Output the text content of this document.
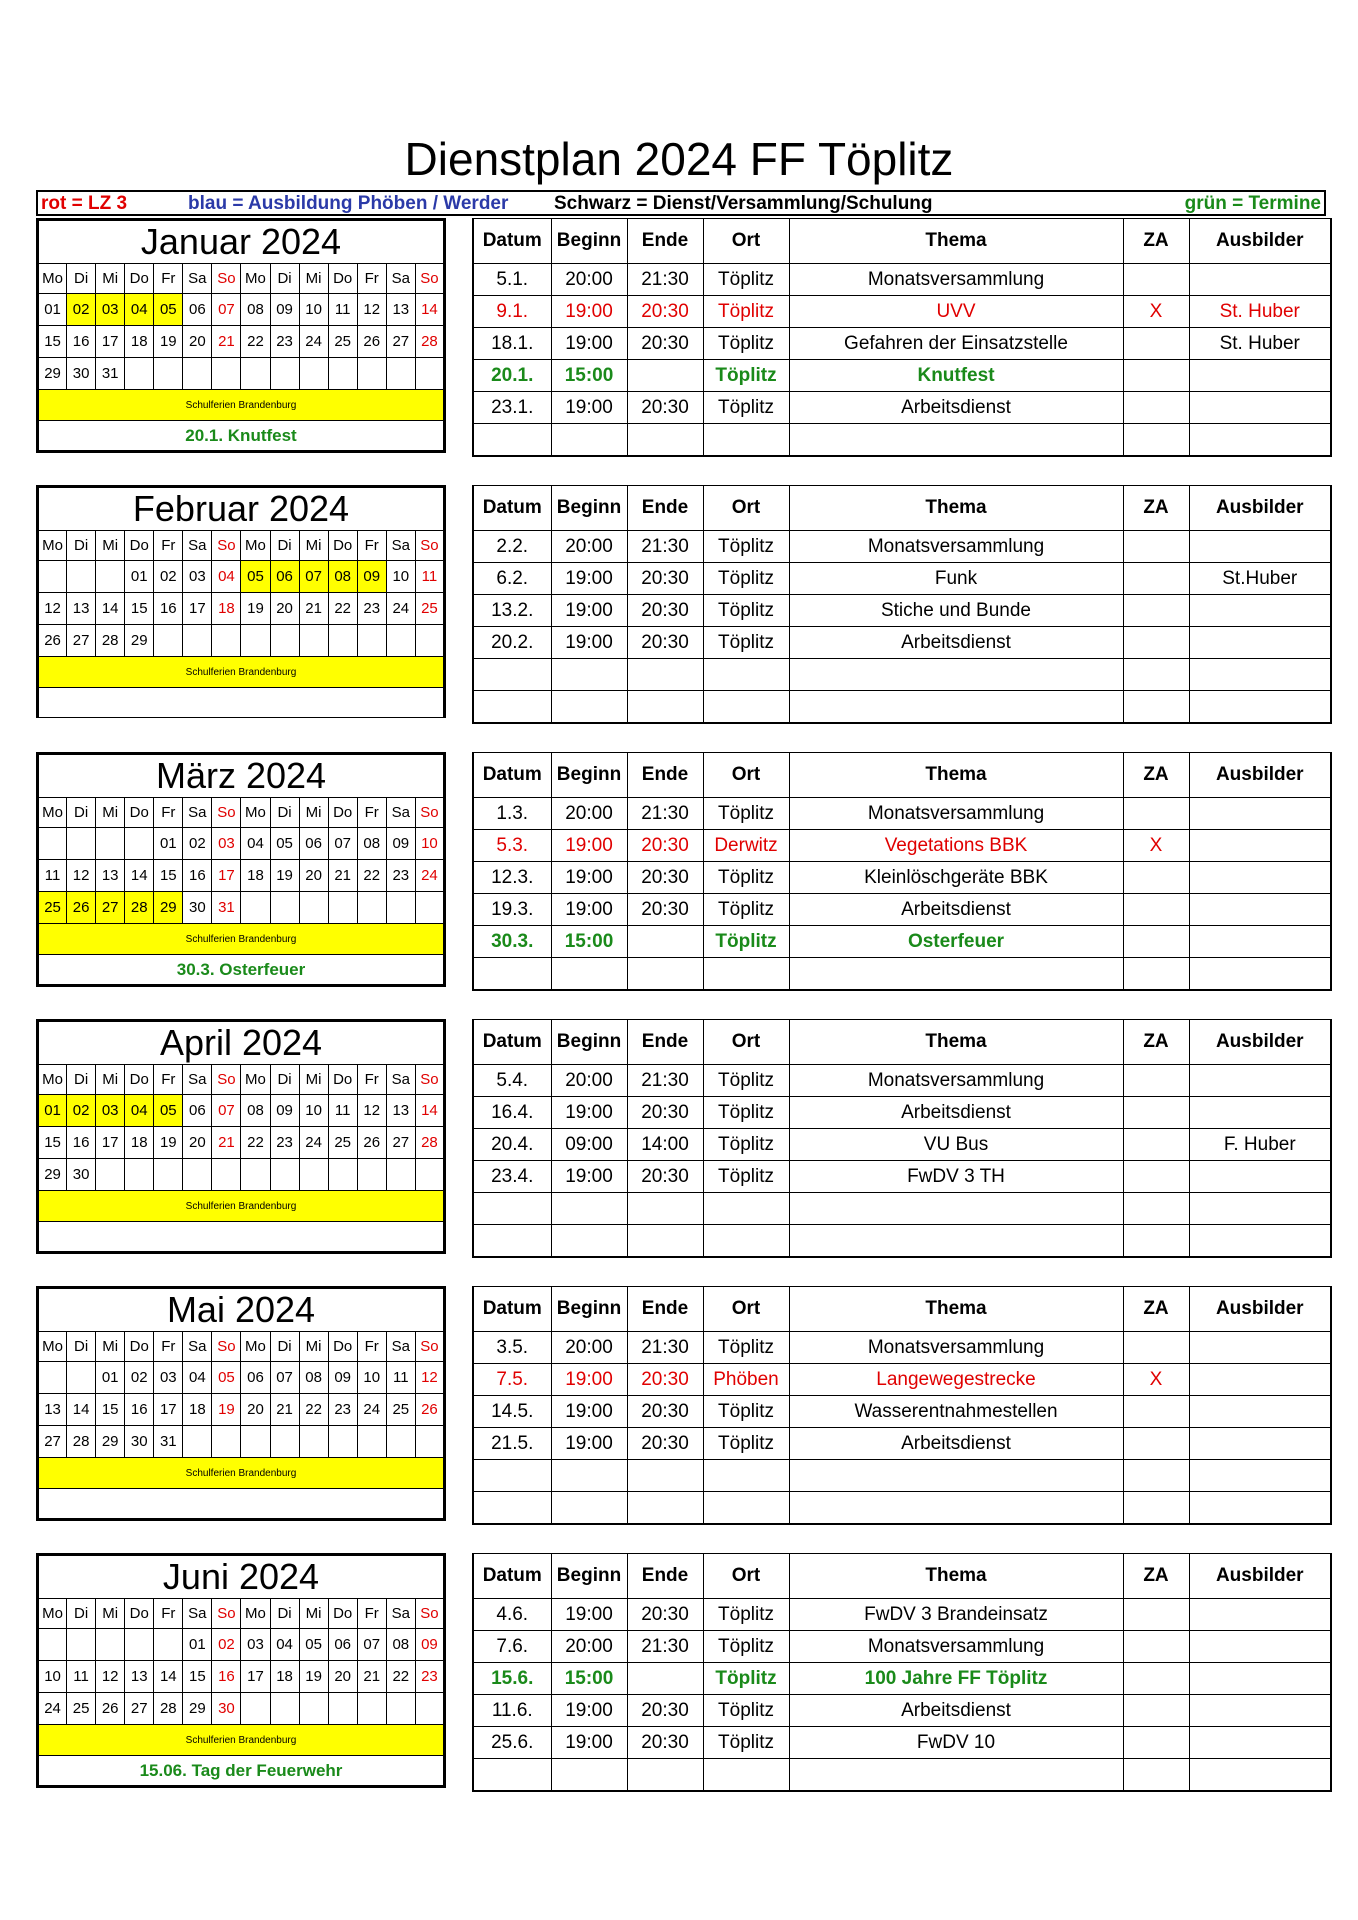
Dienstplan 2024 FF Töplitz
rot = LZ 3	blau = Ausbildung Phöben / Werder Schwarz = Dienst/Versammlung/Schulung	grün = Termine
Januar 2024													
Mo	Di	Mi	Do	Fr	Sa	So	Mo	Di	Mi	Do	Fr	Sa	So
01	02	03	04	05	06	07	08	09	10	11	12	13	14
15	16	17	18	19	20	21	22	23	24	25	26	27	28
29	30	31											
Schulferien Brandenburg													
20.1. Knutfest													
Datum	Beginn	Ende	Ort	Thema	ZA	Ausbilder
5.1.	20:00	21:30	Töplitz	Monatsversammlung		
9.1.	19:00	20:30	Töplitz	UVV	X	St. Huber
18.1.	19:00	20:30	Töplitz	Gefahren der Einsatzstelle		St. Huber
20.1.	15:00		Töplitz	Knutfest		
23.1.	19:00	20:30	Töplitz	Arbeitsdienst		

Februar 2024													
Mo	Di	Mi	Do	Fr	Sa	So	Mo	Di	Mi	Do	Fr	Sa	So
			01	02	03	04	05	06	07	08	09	10	11
12	13	14	15	16	17	18	19	20	21	22	23	24	25
26	27	28	29										
Schulferien Brandenburg													

Datum	Beginn	Ende	Ort	Thema	ZA	Ausbilder
2.2.	20:00	21:30	Töplitz	Monatsversammlung		
6.2.	19:00	20:30	Töplitz	Funk		St.Huber
13.2.	19:00	20:30	Töplitz	Stiche und Bunde		
20.2.	19:00	20:30	Töplitz	Arbeitsdienst		

März 2024													
Mo	Di	Mi	Do	Fr	Sa	So	Mo	Di	Mi	Do	Fr	Sa	So
				01	02	03	04	05	06	07	08	09	10
11	12	13	14	15	16	17	18	19	20	21	22	23	24
25	26	27	28	29	30	31							
Schulferien Brandenburg													
30.3. Osterfeuer													
Datum	Beginn	Ende	Ort	Thema	ZA	Ausbilder
1.3.	20:00	21:30	Töplitz	Monatsversammlung		
5.3.	19:00	20:30	Derwitz	Vegetations BBK	X	
12.3.	19:00	20:30	Töplitz	Kleinlöschgeräte BBK		
19.3.	19:00	20:30	Töplitz	Arbeitsdienst		
30.3.	15:00		Töplitz	Osterfeuer		

April 2024													
Mo	Di	Mi	Do	Fr	Sa	So	Mo	Di	Mi	Do	Fr	Sa	So
01	02	03	04	05	06	07	08	09	10	11	12	13	14
15	16	17	18	19	20	21	22	23	24	25	26	27	28
29	30												
Schulferien Brandenburg													

Datum	Beginn	Ende	Ort	Thema	ZA	Ausbilder
5.4.	20:00	21:30	Töplitz	Monatsversammlung		
16.4.	19:00	20:30	Töplitz	Arbeitsdienst		
20.4.	09:00	14:00	Töplitz	VU Bus		F. Huber
23.4.	19:00	20:30	Töplitz	FwDV 3 TH		

Mai 2024													
Mo	Di	Mi	Do	Fr	Sa	So	Mo	Di	Mi	Do	Fr	Sa	So
		01	02	03	04	05	06	07	08	09	10	11	12
13	14	15	16	17	18	19	20	21	22	23	24	25	26
27	28	29	30	31									
Schulferien Brandenburg													

Datum	Beginn	Ende	Ort	Thema	ZA	Ausbilder
3.5.	20:00	21:30	Töplitz	Monatsversammlung		
7.5.	19:00	20:30	Phöben	Langewegestrecke	X	
14.5.	19:00	20:30	Töplitz	Wasserentnahmestellen		
21.5.	19:00	20:30	Töplitz	Arbeitsdienst		

Juni 2024													
Mo	Di	Mi	Do	Fr	Sa	So	Mo	Di	Mi	Do	Fr	Sa	So
					01	02	03	04	05	06	07	08	09
10	11	12	13	14	15	16	17	18	19	20	21	22	23
24	25	26	27	28	29	30							
Schulferien Brandenburg													
15.06. Tag der Feuerwehr													
Datum	Beginn	Ende	Ort	Thema	ZA	Ausbilder
4.6.	19:00	20:30	Töplitz	FwDV 3 Brandeinsatz		
7.6.	20:00	21:30	Töplitz	Monatsversammlung		
15.6.	15:00		Töplitz	100 Jahre FF Töplitz		
11.6.	19:00	20:30	Töplitz	Arbeitsdienst		
25.6.	19:00	20:30	Töplitz	FwDV 10		
